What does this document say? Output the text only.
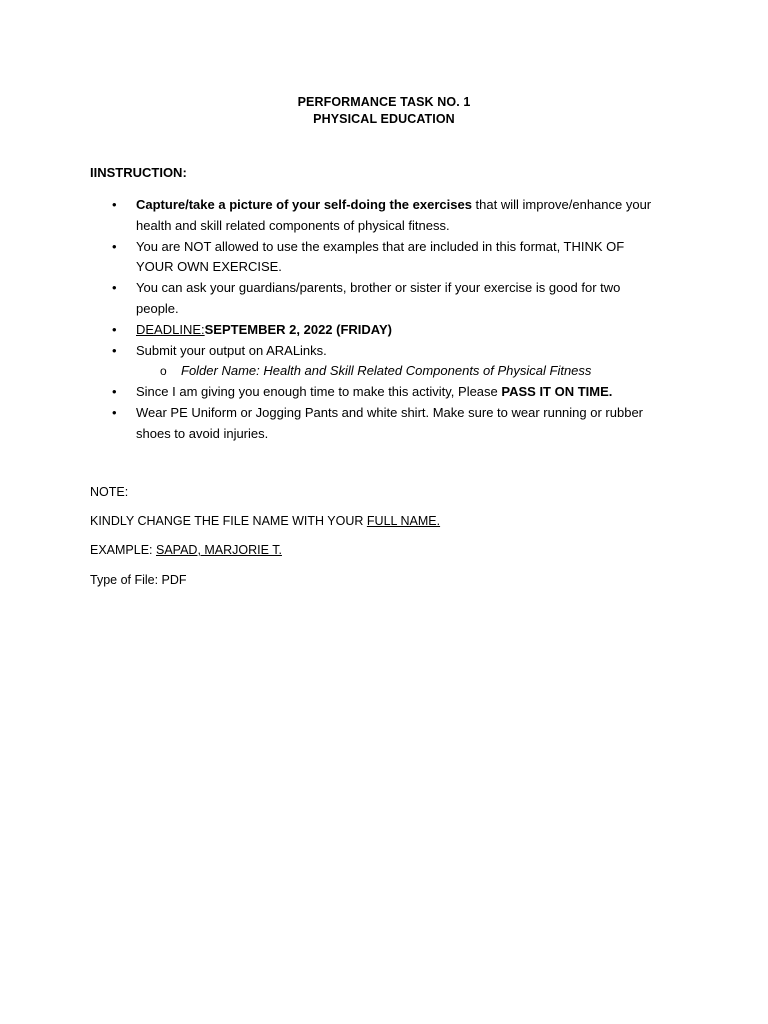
PERFORMANCE TASK NO. 1
PHYSICAL EDUCATION
IINSTRUCTION:
• Capture/take a picture of your self-doing the exercises that will improve/enhance your
health and skill related components of physical fitness.
• You are NOT allowed to use the examples that are included in this format, THINK OF
YOUR OWN EXERCISE.
• You can ask your guardians/parents, brother or sister if your exercise is good for two
people.
• DEADLINE:SEPTEMBER 2, 2022 (FRIDAY)
• Submit your output on ARALinks.
o Folder Name: Health and Skill Related Components of Physical Fitness
• Since I am giving you enough time to make this activity, Please PASS IT ON TIME.
• Wear PE Uniform or Jogging Pants and white shirt. Make sure to wear running or rubber
shoes to avoid injuries.
NOTE:
KINDLY CHANGE THE FILE NAME WITH YOUR FULL NAME.
EXAMPLE: SAPAD, MARJORIE T.
Type of File: PDF
